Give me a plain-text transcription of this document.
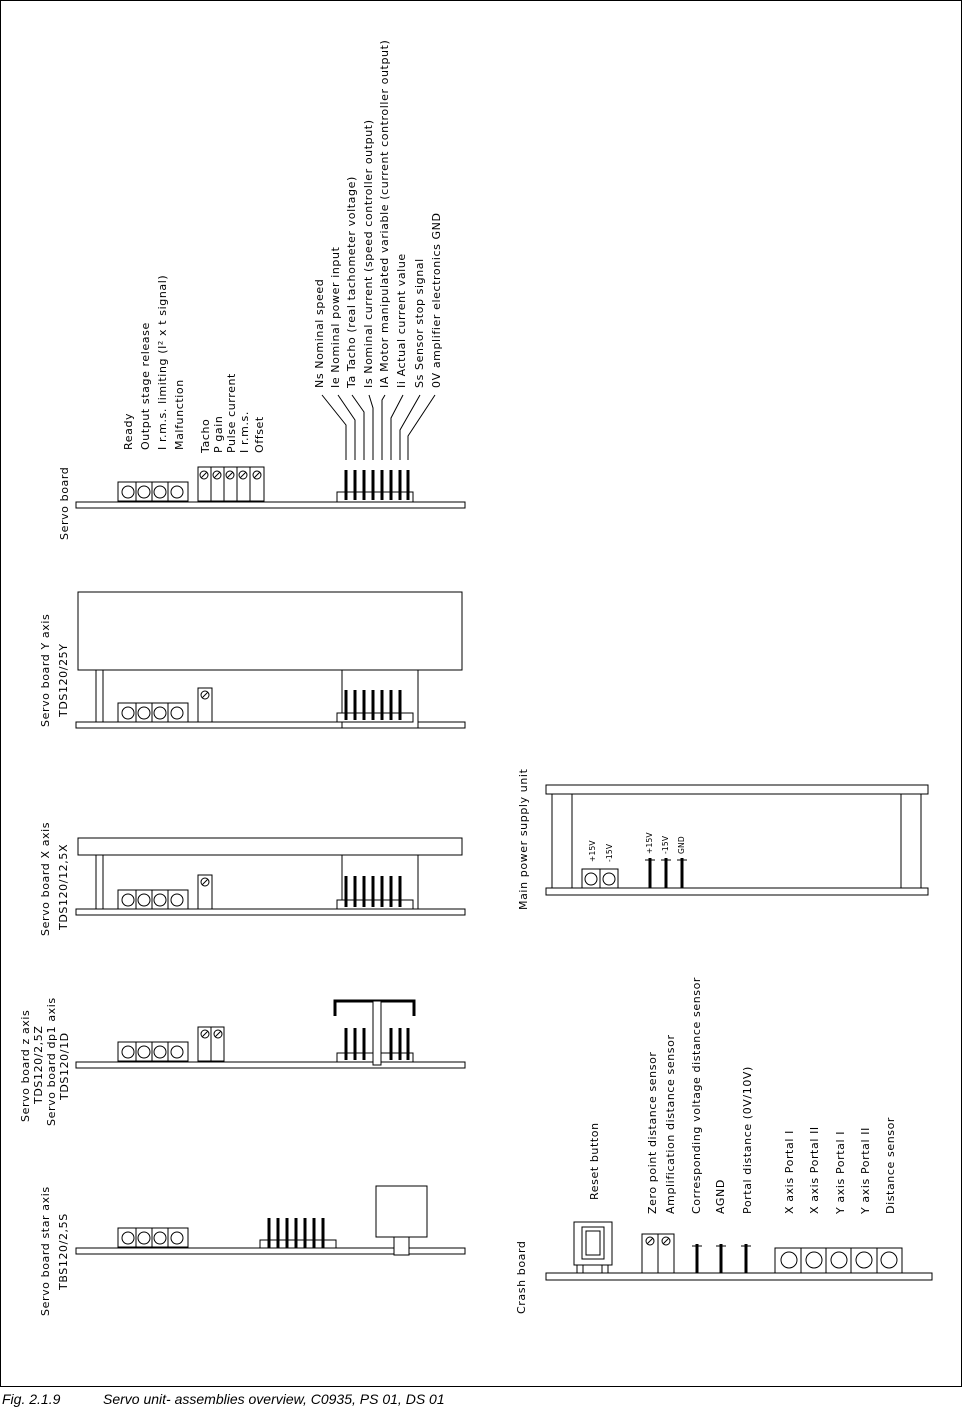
Servo board
Ready Output stage release I r.m.s. limiting (I² x t signal) Malfunction Tacho P gain Pulse current I r.m.s. Offset
Ns Nominal speed Ie Nominal power input Ta Tacho (real tachometer voltage) Is Nominal current (speed controller output) IA Motor manipulated variable (current controller output) Ii Actual current value Ss Sensor stop signal 0V amplifier electronics GND
Servo board Y axis TDS120/25Y
Servo board X axis TDS120/12,5X
Servo board z axis TDS120/2,5Z Servo board dp1 axis TDS120/1D
Servo board star axis TBS120/2,5S
Main power supply unit	+15V -15V	+15V -15V GND
Crash board
Reset button	Zero point distance sensor Amplification distance sensor Corresponding voltage distance sensor AGND Portal distance (0V/10V)	X axis Portal I X axis Portal II Y axis Portal I Y axis Portal II Distance sensor
Fig. 2.1.9	Servo unit- assemblies overview, C0935, PS 01, DS 01
